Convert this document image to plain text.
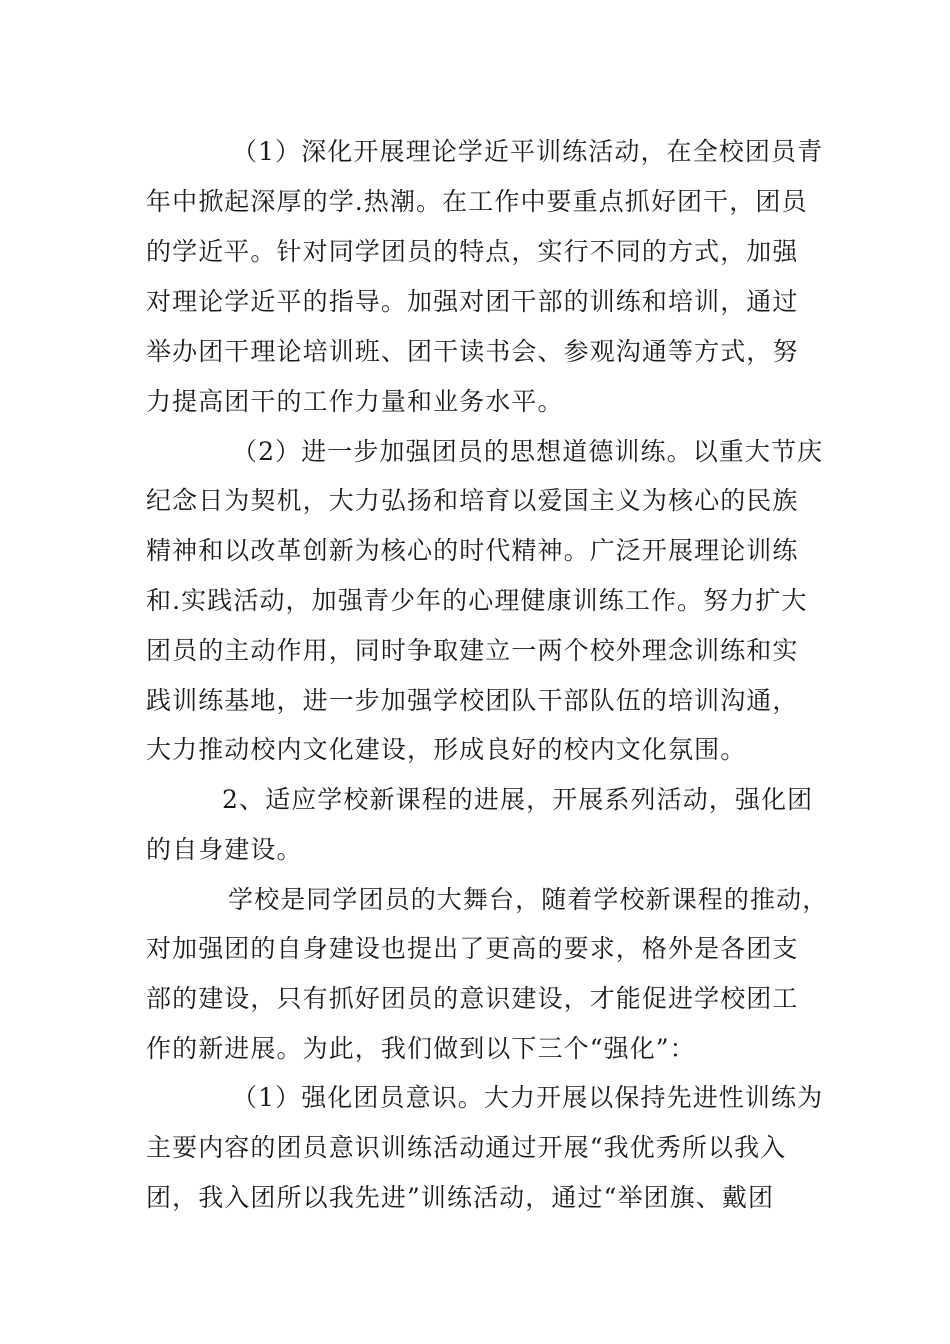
（1）深化开展理论学近平训练活动，在全校团员青
年中掀起深厚的学.热潮。在工作中要重点抓好团干，团员
的学近平。针对同学团员的特点，实行不同的方式，加强
对理论学近平的指导。加强对团干部的训练和培训，通过
举办团干理论培训班、团干读书会、参观沟通等方式，努
力提高团干的工作力量和业务水平。
（2）进一步加强团员的思想道德训练。以重大节庆
纪念日为契机，大力弘扬和培育以爱国主义为核心的民族
精神和以改革创新为核心的时代精神。广泛开展理论训练
和.实践活动，加强青少年的心理健康训练工作。努力扩大
团员的主动作用，同时争取建立一两个校外理念训练和实
践训练基地，进一步加强学校团队干部队伍的培训沟通，
大力推动校内文化建设，形成良好的校内文化氛围。
2、适应学校新课程的进展，开展系列活动，强化团
的自身建设。
学校是同学团员的大舞台，随着学校新课程的推动，
对加强团的自身建设也提出了更高的要求，格外是各团支
部的建设，只有抓好团员的意识建设，才能促进学校团工
作的新进展。为此，我们做到以下三个“强化”：
（1）强化团员意识。大力开展以保持先进性训练为
主要内容的团员意识训练活动通过开展“我优秀所以我入
团，我入团所以我先进”训练活动，通过“举团旗、戴团
